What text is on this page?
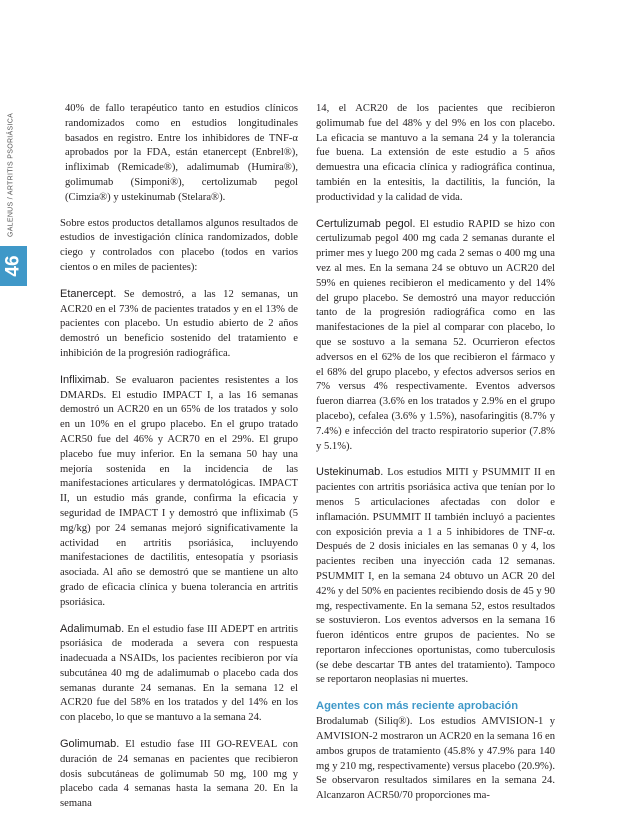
GALENUS / ARTRITIS PSORIÁSICA
46

40% de fallo terapéutico tanto en estudios clínicos randomizados como en estudios longitudinales basados en registro. Entre los inhibidores de TNF-α aprobados por la FDA, están etanercept (Enbrel®), infliximab (Remicade®), adalimumab (Humira®), golimumab (Simponi®), certolizumab pegol (Cimzia®) y ustekinumab (Stelara®).

Sobre estos productos detallamos algunos resultados de estudios de investigación clínica randomizados, doble ciego y controlados con placebo (todos en varios cientos o en miles de pacientes):

Etanercept. Se demostró, a las 12 semanas, un ACR20 en el 73% de pacientes tratados y en el 13% de pacientes con placebo. Un estudio abierto de 2 años demostró un beneficio sostenido del tratamiento e inhibición de la progresión radiográfica.

Infliximab. Se evaluaron pacientes resistentes a los DMARDs. El estudio IMPACT I, a las 16 semanas demostró un ACR20 en un 65% de los tratados y solo en un 10% en el grupo placebo. En el grupo tratado ACR50 fue del 46% y ACR70 en el 29%. El grupo placebo fue muy inferior. En la semana 50 hay una mejoría sostenida en la incidencia de las manifestaciones articulares y dermatológicas. IMPACT II, un estudio más grande, confirma la eficacia y seguridad de IMPACT I y demostró que infliximab (5 mg/kg) por 24 semanas mejoró significativamente la actividad en artritis psoriásica, incluyendo manifestaciones de dactilitis, entesopatía y psoriasis asociada. Al año se demostró que se mantiene un alto grado de eficacia clínica y buena tolerancia en artritis psoriásica.

Adalimumab. En el estudio fase III ADEPT en artritis psoriásica de moderada a severa con respuesta inadecuada a NSAIDs, los pacientes recibieron por vía subcutánea 40 mg de adalimumab o placebo cada dos semanas durante 24 semanas. En la semana 12 el ACR20 fue del 58% en los tratados y del 14% en los con placebo, lo que se mantuvo a la semana 24.

Golimumab. El estudio fase III GO-REVEAL con duración de 24 semanas en pacientes que recibieron dosis subcutáneas de golimumab 50 mg, 100 mg y placebo cada 4 semanas hasta la semana 20. En la semana

14, el ACR20 de los pacientes que recibieron golimumab fue del 48% y del 9% en los con placebo. La eficacia se mantuvo a la semana 24 y la tolerancia fue buena. La extensión de este estudio a 5 años demuestra una eficacia clínica y radiográfica continua, también en la entesitis, la dactilitis, la función, la productividad y la calidad de vida.

Certulizumab pegol. El estudio RAPID se hizo con certulizumab pegol 400 mg cada 2 semanas durante el primer mes y luego 200 mg cada 2 semas o 400 mg una vez al mes. En la semana 24 se obtuvo un ACR20 del 59% en quienes recibieron el medicamento y del 14% del grupo placebo. Se demostró una mayor reducción tanto de la progresión radiográfica como en las manifestaciones de la piel al comparar con placebo, lo que se sostuvo a la semana 52. Ocurrieron efectos adversos en el 62% de los que recibieron el fármaco y el 68% del grupo placebo, y efectos adversos serios en 7% versus 4% respectivamente. Eventos adversos fueron diarrea (3.6% en los tratados y 2.9% en el grupo placebo), cefalea (3.6% y 1.5%), nasofaringitis (8.7% y 7.4%) e infección del tracto respiratorio superior (7.8% y 5.1%).

Ustekinumab. Los estudios MITI y PSUMMIT II en pacientes con artritis psoriásica activa que tenían por lo menos 5 articulaciones afectadas con dolor e inflamación. PSUMMIT II también incluyó a pacientes con exposición previa a 1 a 5 inhibidores de TNF-α. Después de 2 dosis iniciales en las semanas 0 y 4, los pacientes reciben una inyección cada 12 semanas. PSUMMIT I, en la semana 24 obtuvo un ACR 20 del 42% y del 50% en pacientes recibiendo dosis de 45 y 90 mg, respectivamente. En la semana 52, estos resultados se sostuvieron. Los eventos adversos en la semana 16 fueron idénticos entre grupos de pacientes. No se reportaron infecciones oportunistas, como tuberculosis (se debe descartar TB antes del tratamiento). Tampoco se reportaron neoplasias ni muertes.

Agentes con más reciente aprobación

Brodalumab (Siliq®). Los estudios AMVISION-1 y AMVISION-2 mostraron un ACR20 en la semana 16 en ambos grupos de tratamiento (45.8% y 47.9% para 140 mg y 210 mg, respectivamente) versus placebo (20.9%). Se observaron resultados similares en la semana 24. Alcanzaron ACR50/70 proporciones ma-
